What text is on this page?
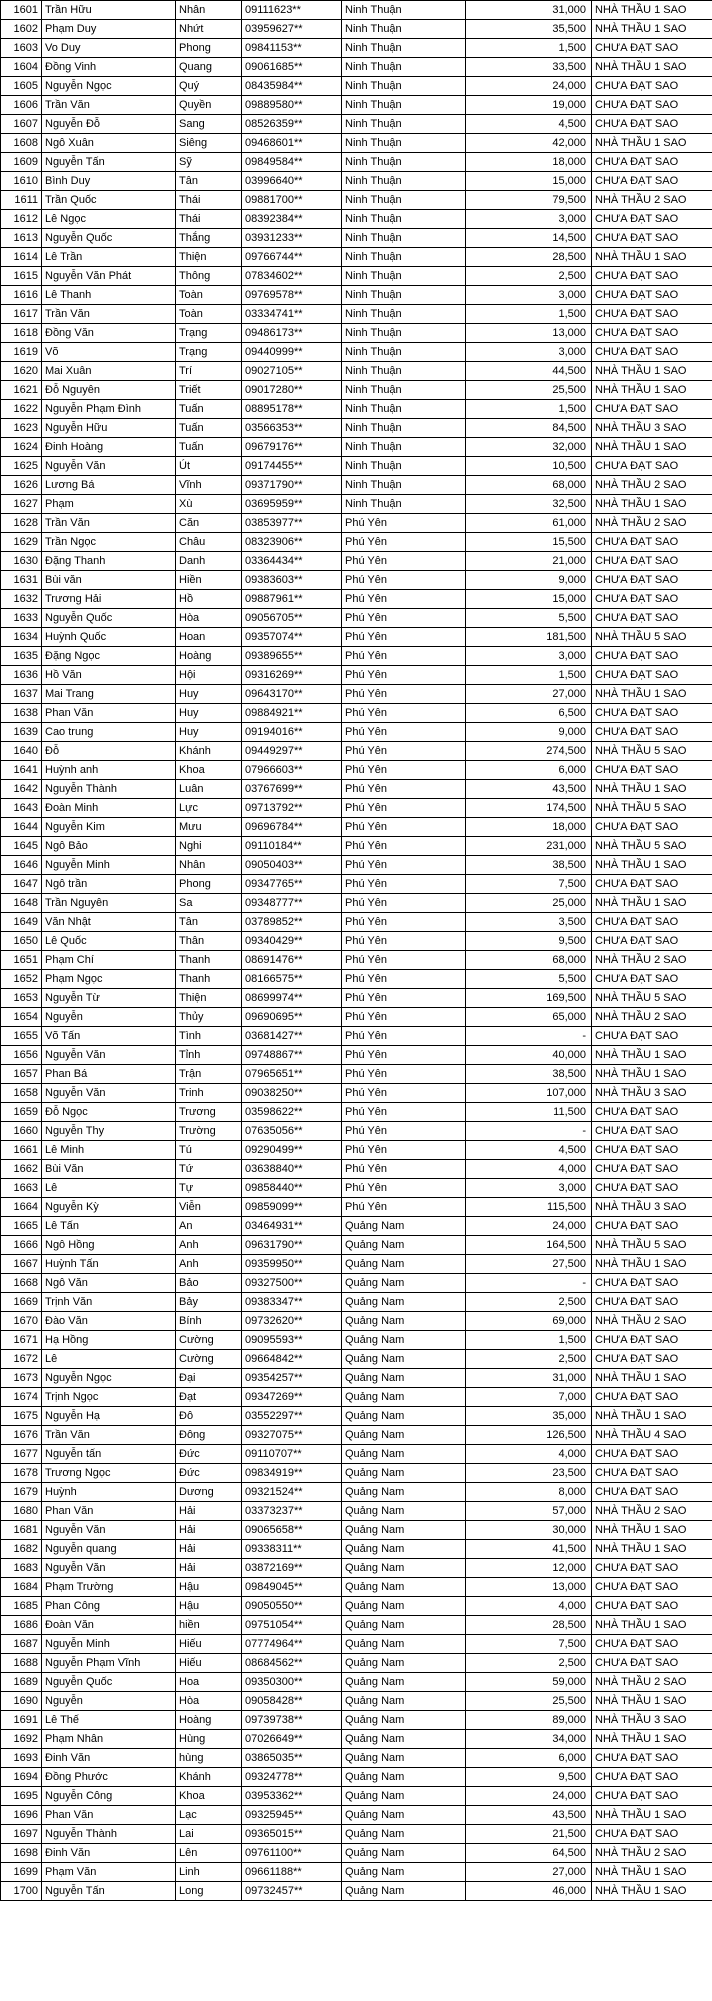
1601	Trần Hữu	Nhân	09111623**	Ninh Thuận	31,000	NHÀ THẦU 1 SAO
1602	Phạm Duy	Nhứt	03959627**	Ninh Thuận	35,500	NHÀ THẦU 1 SAO
1603	Vo Duy	Phong	09841153**	Ninh Thuận	1,500	CHƯA ĐẠT SAO
1604	Đồng Vinh	Quang	09061685**	Ninh Thuận	33,500	NHÀ THẦU 1 SAO
1605	Nguyễn Ngọc	Quý	08435984**	Ninh Thuận	24,000	CHƯA ĐẠT SAO
1606	Trần Văn	Quyền	09889580**	Ninh Thuận	19,000	CHƯA ĐẠT SAO
1607	Nguyễn Đỗ	Sang	08526359**	Ninh Thuận	4,500	CHƯA ĐẠT SAO
1608	Ngô Xuân	Siêng	09468601**	Ninh Thuận	42,000	NHÀ THẦU 1 SAO
1609	Nguyễn Tấn	Sỹ	09849584**	Ninh Thuận	18,000	CHƯA ĐẠT SAO
1610	Bình Duy	Tân	03996640**	Ninh Thuận	15,000	CHƯA ĐẠT SAO
1611	Trần Quốc	Thái	09881700**	Ninh Thuận	79,500	NHÀ THẦU 2 SAO
1612	Lê Ngọc	Thái	08392384**	Ninh Thuận	3,000	CHƯA ĐẠT SAO
1613	Nguyễn Quốc	Thắng	03931233**	Ninh Thuận	14,500	CHƯA ĐẠT SAO
1614	Lê Trần	Thiện	09766744**	Ninh Thuận	28,500	NHÀ THẦU 1 SAO
1615	Nguyễn Văn Phát	Thông	07834602**	Ninh Thuận	2,500	CHƯA ĐẠT SAO
1616	Lê Thanh	Toàn	09769578**	Ninh Thuận	3,000	CHƯA ĐẠT SAO
1617	Trần Văn	Toàn	03334741**	Ninh Thuận	1,500	CHƯA ĐẠT SAO
1618	Đồng Văn	Trạng	09486173**	Ninh Thuận	13,000	CHƯA ĐẠT SAO
1619	Võ	Trạng	09440999**	Ninh Thuận	3,000	CHƯA ĐẠT SAO
1620	Mai Xuân	Trí	09027105**	Ninh Thuận	44,500	NHÀ THẦU 1 SAO
1621	Đỗ Nguyên	Triết	09017280**	Ninh Thuận	25,500	NHÀ THẦU 1 SAO
1622	Nguyễn Phạm Đình	Tuấn	08895178**	Ninh Thuận	1,500	CHƯA ĐẠT SAO
1623	Nguyễn Hữu	Tuấn	03566353**	Ninh Thuận	84,500	NHÀ THẦU 3 SAO
1624	Đinh Hoàng	Tuấn	09679176**	Ninh Thuận	32,000	NHÀ THẦU 1 SAO
1625	Nguyễn Văn	Út	09174455**	Ninh Thuận	10,500	CHƯA ĐẠT SAO
1626	Lương Bá	Vĩnh	09371790**	Ninh Thuận	68,000	NHÀ THẦU 2 SAO
1627	Phạm	Xù	03695959**	Ninh Thuận	32,500	NHÀ THẦU 1 SAO
1628	Trần Văn	Căn	03853977**	Phú Yên	61,000	NHÀ THẦU 2 SAO
1629	Trần Ngọc	Châu	08323906**	Phú Yên	15,500	CHƯA ĐẠT SAO
1630	Đặng Thanh	Danh	03364434**	Phú Yên	21,000	CHƯA ĐẠT SAO
1631	Bùi văn	Hiền	09383603**	Phú Yên	9,000	CHƯA ĐẠT SAO
1632	Trương Hải	Hồ	09887961**	Phú Yên	15,000	CHƯA ĐẠT SAO
1633	Nguyễn Quốc	Hòa	09056705**	Phú Yên	5,500	CHƯA ĐẠT SAO
1634	Huỳnh Quốc	Hoan	09357074**	Phú Yên	181,500	NHÀ THẦU 5 SAO
1635	Đặng Ngọc	Hoàng	09389655**	Phú Yên	3,000	CHƯA ĐẠT SAO
1636	Hồ Văn	Hội	09316269**	Phú Yên	1,500	CHƯA ĐẠT SAO
1637	Mai Trang	Huy	09643170**	Phú Yên	27,000	NHÀ THẦU 1 SAO
1638	Phan Văn	Huy	09884921**	Phú Yên	6,500	CHƯA ĐẠT SAO
1639	Cao trung	Huy	09194016**	Phú Yên	9,000	CHƯA ĐẠT SAO
1640	Đỗ	Khánh	09449297**	Phú Yên	274,500	NHÀ THẦU 5 SAO
1641	Huỳnh anh	Khoa	07966603**	Phú Yên	6,000	CHƯA ĐẠT SAO
1642	Nguyễn Thành	Luân	03767699**	Phú Yên	43,500	NHÀ THẦU 1 SAO
1643	Đoàn Minh	Lực	09713792**	Phú Yên	174,500	NHÀ THẦU 5 SAO
1644	Nguyễn Kim	Mưu	09696784**	Phú Yên	18,000	CHƯA ĐẠT SAO
1645	Ngô Bảo	Nghi	09110184**	Phú Yên	231,000	NHÀ THẦU 5 SAO
1646	Nguyễn Minh	Nhân	09050403**	Phú Yên	38,500	NHÀ THẦU 1 SAO
1647	Ngô trần	Phong	09347765**	Phú Yên	7,500	CHƯA ĐẠT SAO
1648	Trần Nguyên	Sa	09348777**	Phú Yên	25,000	NHÀ THẦU 1 SAO
1649	Văn Nhật	Tân	03789852**	Phú Yên	3,500	CHƯA ĐẠT SAO
1650	Lê Quốc	Thân	09340429**	Phú Yên	9,500	CHƯA ĐẠT SAO
1651	Phạm Chí	Thanh	08691476**	Phú Yên	68,000	NHÀ THẦU 2 SAO
1652	Phạm Ngọc	Thanh	08166575**	Phú Yên	5,500	CHƯA ĐẠT SAO
1653	Nguyễn Từ	Thiện	08699974**	Phú Yên	169,500	NHÀ THẦU 5 SAO
1654	Nguyễn	Thủy	09690695**	Phú Yên	65,000	NHÀ THẦU 2 SAO
1655	Võ Tấn	Tình	03681427**	Phú Yên	-	CHƯA ĐẠT SAO
1656	Nguyễn Văn	Tỉnh	09748867**	Phú Yên	40,000	NHÀ THẦU 1 SAO
1657	Phan Bá	Trận	07965651**	Phú Yên	38,500	NHÀ THẦU 1 SAO
1658	Nguyễn Văn	Trinh	09038250**	Phú Yên	107,000	NHÀ THẦU 3 SAO
1659	Đỗ Ngọc	Trương	03598622**	Phú Yên	11,500	CHƯA ĐẠT SAO
1660	Nguyễn Thy	Trường	07635056**	Phú Yên	-	CHƯA ĐẠT SAO
1661	Lê Minh	Tú	09290499**	Phú Yên	4,500	CHƯA ĐẠT SAO
1662	Bùi Văn	Tứ	03638840**	Phú Yên	4,000	CHƯA ĐẠT SAO
1663	Lê	Tự	09858440**	Phú Yên	3,000	CHƯA ĐẠT SAO
1664	Nguyễn Kỳ	Viễn	09859099**	Phú Yên	115,500	NHÀ THẦU 3 SAO
1665	Lê Tấn	An	03464931**	Quảng Nam	24,000	CHƯA ĐẠT SAO
1666	Ngô Hồng	Anh	09631790**	Quảng Nam	164,500	NHÀ THẦU 5 SAO
1667	Huỳnh Tấn	Anh	09359950**	Quảng Nam	27,500	NHÀ THẦU 1 SAO
1668	Ngô Văn	Bảo	09327500**	Quảng Nam	-	CHƯA ĐẠT SAO
1669	Trịnh Văn	Bảy	09383347**	Quảng Nam	2,500	CHƯA ĐẠT SAO
1670	Đào Văn	Bính	09732620**	Quảng Nam	69,000	NHÀ THẦU 2 SAO
1671	Hạ Hồng	Cường	09095593**	Quảng Nam	1,500	CHƯA ĐẠT SAO
1672	Lê	Cường	09664842**	Quảng Nam	2,500	CHƯA ĐẠT SAO
1673	Nguyễn Ngọc	Đại	09354257**	Quảng Nam	31,000	NHÀ THẦU 1 SAO
1674	Trịnh Ngọc	Đạt	09347269**	Quảng Nam	7,000	CHƯA ĐẠT SAO
1675	Nguyễn Hạ	Đô	03552297**	Quảng Nam	35,000	NHÀ THẦU 1 SAO
1676	Trần Văn	Đông	09327075**	Quảng Nam	126,500	NHÀ THẦU 4 SAO
1677	Nguyễn tấn	Đức	09110707**	Quảng Nam	4,000	CHƯA ĐẠT SAO
1678	Trương Ngọc	Đức	09834919**	Quảng Nam	23,500	CHƯA ĐẠT SAO
1679	Huỳnh	Dương	09321524**	Quảng Nam	8,000	CHƯA ĐẠT SAO
1680	Phan Văn	Hải	03373237**	Quảng Nam	57,000	NHÀ THẦU 2 SAO
1681	Nguyễn Văn	Hải	09065658**	Quảng Nam	30,000	NHÀ THẦU 1 SAO
1682	Nguyễn quang	Hải	09338311**	Quảng Nam	41,500	NHÀ THẦU 1 SAO
1683	Nguyễn Văn	Hải	03872169**	Quảng Nam	12,000	CHƯA ĐẠT SAO
1684	Phạm Trường	Hậu	09849045**	Quảng Nam	13,000	CHƯA ĐẠT SAO
1685	Phan Công	Hậu	09050550**	Quảng Nam	4,000	CHƯA ĐẠT SAO
1686	Đoàn Văn	hiền	09751054**	Quảng Nam	28,500	NHÀ THẦU 1 SAO
1687	Nguyễn Minh	Hiếu	07774964**	Quảng Nam	7,500	CHƯA ĐẠT SAO
1688	Nguyễn Phạm Vĩnh	Hiếu	08684562**	Quảng Nam	2,500	CHƯA ĐẠT SAO
1689	Nguyễn Quốc	Hoa	09350300**	Quảng Nam	59,000	NHÀ THẦU 2 SAO
1690	Nguyễn	Hòa	09058428**	Quảng Nam	25,500	NHÀ THẦU 1 SAO
1691	Lê Thế	Hoàng	09739738**	Quảng Nam	89,000	NHÀ THẦU 3 SAO
1692	Phạm Nhân	Hùng	07026649**	Quảng Nam	34,000	NHÀ THẦU 1 SAO
1693	Đinh Văn	hùng	03865035**	Quảng Nam	6,000	CHƯA ĐẠT SAO
1694	Đồng Phước	Khánh	09324778**	Quảng Nam	9,500	CHƯA ĐẠT SAO
1695	Nguyễn Công	Khoa	03953362**	Quảng Nam	24,000	CHƯA ĐẠT SAO
1696	Phan Văn	Lạc	09325945**	Quảng Nam	43,500	NHÀ THẦU 1 SAO
1697	Nguyễn Thành	Lai	09365015**	Quảng Nam	21,500	CHƯA ĐẠT SAO
1698	Đinh Văn	Lên	09761100**	Quảng Nam	64,500	NHÀ THẦU 2 SAO
1699	Phạm Văn	Linh	09661188**	Quảng Nam	27,000	NHÀ THẦU 1 SAO
1700	Nguyễn Tấn	Long	09732457**	Quảng Nam	46,000	NHÀ THẦU 1 SAO
